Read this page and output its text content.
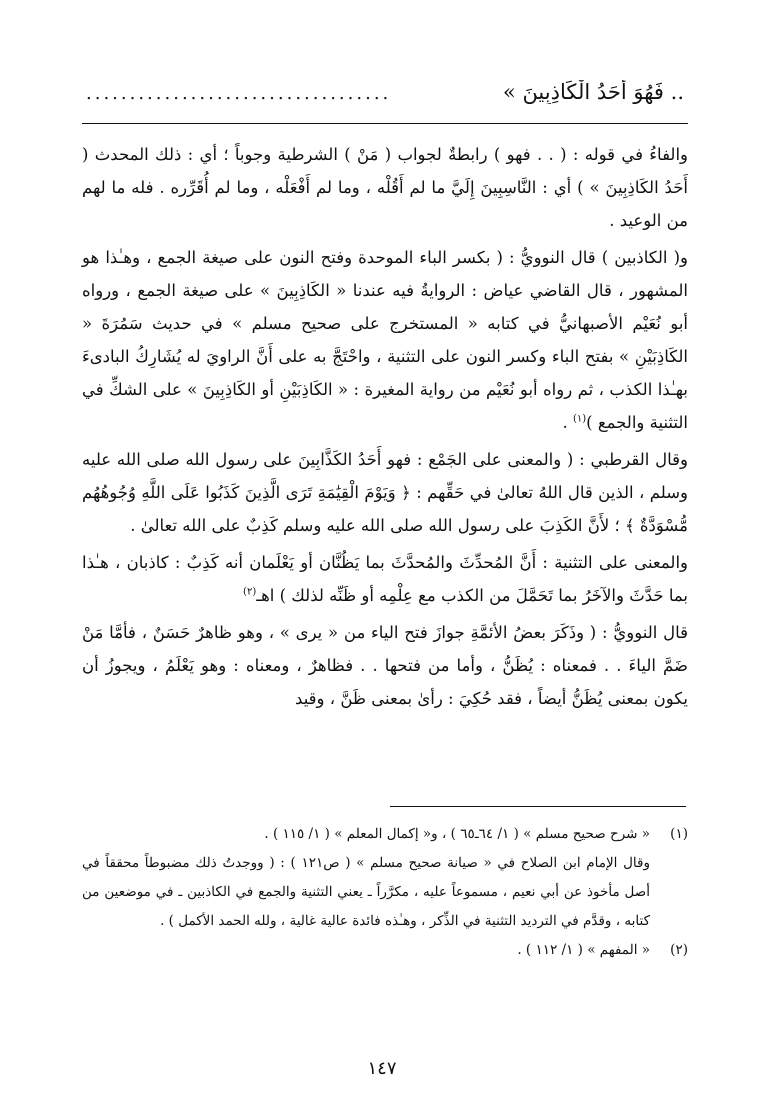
..

فَهُوَ أَحَدُ الْكَاذِبِينَ »
...................................

والفاءُ في قوله : ( . . فهو ) رابطةٌ لجواب ( مَنْ ) الشرطية وجوباً ؛ أي : ذلك المحدث ( أَحَدُ الكَاذِبِينَ » ) أي : النَّاسِبِينَ إِلَيَّ ما لم أَقُلْه ، وما لم أَفْعَلْه ، وما لم أُقَرِّره . فله ما لهم من الوعيد .

و( الكاذبين ) قال النوويُّ : ( بكسر الباء الموحدة وفتح النون على صيغة الجمع ، وهـٰذا هو المشهور ، قال القاضي عياض : الروايةُ فيه عندنا « الكَاذِبِينَ » على صيغة الجمع ، ورواه أبو نُعَيْم الأصبهانيُّ في كتابه « المستخرج على صحيح مسلم » في حديث سَمُرَةَ « الكَاذِبَيْنِ » بفتح الباء وكسر النون على التثنية ، واحْتَجَّ به على أَنَّ الراويَ له يُشَارِكُ البادىءَ بهـٰذا الكذب ، ثم رواه أبو نُعَيْم من رواية المغيرة : « الكَاذِبَيْنِ أو الكَاذِبِينَ » على الشكِّ في التثنية والجمع )$^{(١)}$ .

وقال القرطبي : ( والمعنى على الجَمْع : فهو أَحَدُ الكَذَّابِينَ على رسول الله صلى الله عليه وسلم ، الذين قال اللهُ تعالىٰ في حَقِّهم : ﴿ وَيَوْمَ الْقِيَٰمَةِ تَرَى الَّذِينَ كَذَبُوا عَلَى اللَّهِ وُجُوهُهُم مُّسْوَدَّةٌ ﴾ ؛ لأَنَّ الكَذِبَ على رسول الله صلى الله عليه وسلم كَذِبٌ على الله تعالىٰ .

والمعنى على التثنية : أَنَّ المُحدِّثَ والمُحدَّثَ بما يَظُنَّان أو يَعْلَمان أنه كَذِبٌ : كاذبان ، هـٰذا بما حَدَّثَ والآخَرُ بما تَحَمَّلَ من الكذب مع عِلْمِه أو ظَنِّه لذلك ) اهـ$^{(٢)}$

قال النوويُّ : ( وذَكَرَ بعضُ الأئمَّةِ جوازَ فتح الياء من « يرى » ، وهو ظاهرٌ حَسَنٌ ، فأمَّا مَنْ ضَمَّ الياءَ . . فمعناه : يُظَنُّ ، وأما من فتحها . . فظاهرٌ ، ومعناه : وهو يَعْلَمُ ، ويجوزُ أن يكون بمعنى يُظَنُّ أيضاً ، فقد حُكِيَ : رأىٰ بمعنى ظَنَّ ، وقيد

(١)
« شرح صحيح مسلم » ( ١/ ٦٤ـ٦٥ ) ، و« إكمال المعلم » ( ١/ ١١٥ ) .
وقال الإمام ابن الصلاح في « صيانة صحيح مسلم » ( ص١٢١ ) : ( ووجدتُ ذلك مضبوطاً محققاً في أصل مأخوذ عن أبي نعيم ، مسموعاً عليه ، مكرَّراً ـ يعني التثنية والجمع في الكاذبين ـ في موضعين من كتابه ، وقدَّم في الترديد التثنية في الذِّكر ، وهـٰذه فائدة عالية غالية ، ولله الحمد الأكمل ) .
(٢)
« المفهم » ( ١/ ١١٢ ) .
١٤٧
